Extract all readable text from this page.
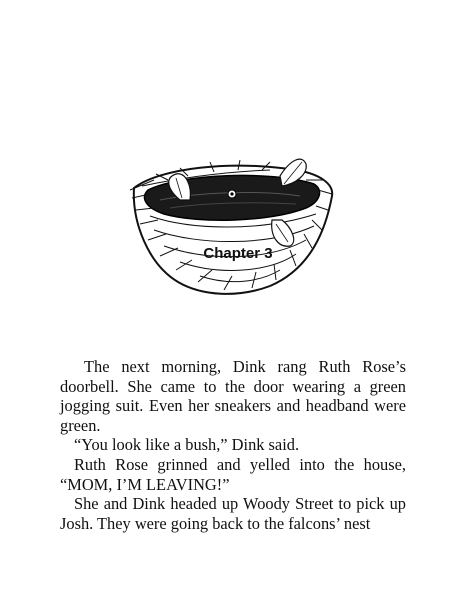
Chapter 3

The next morning, Dink rang Ruth Rose’s doorbell. She came to the door wearing a green jogging suit. Even her sneakers and headband were green.

“You look like a bush,” Dink said.

Ruth Rose grinned and yelled into the house, “MOM, I’M LEAVING!”

She and Dink headed up Woody Street to pick up Josh. They were going back to the falcons’ nest
